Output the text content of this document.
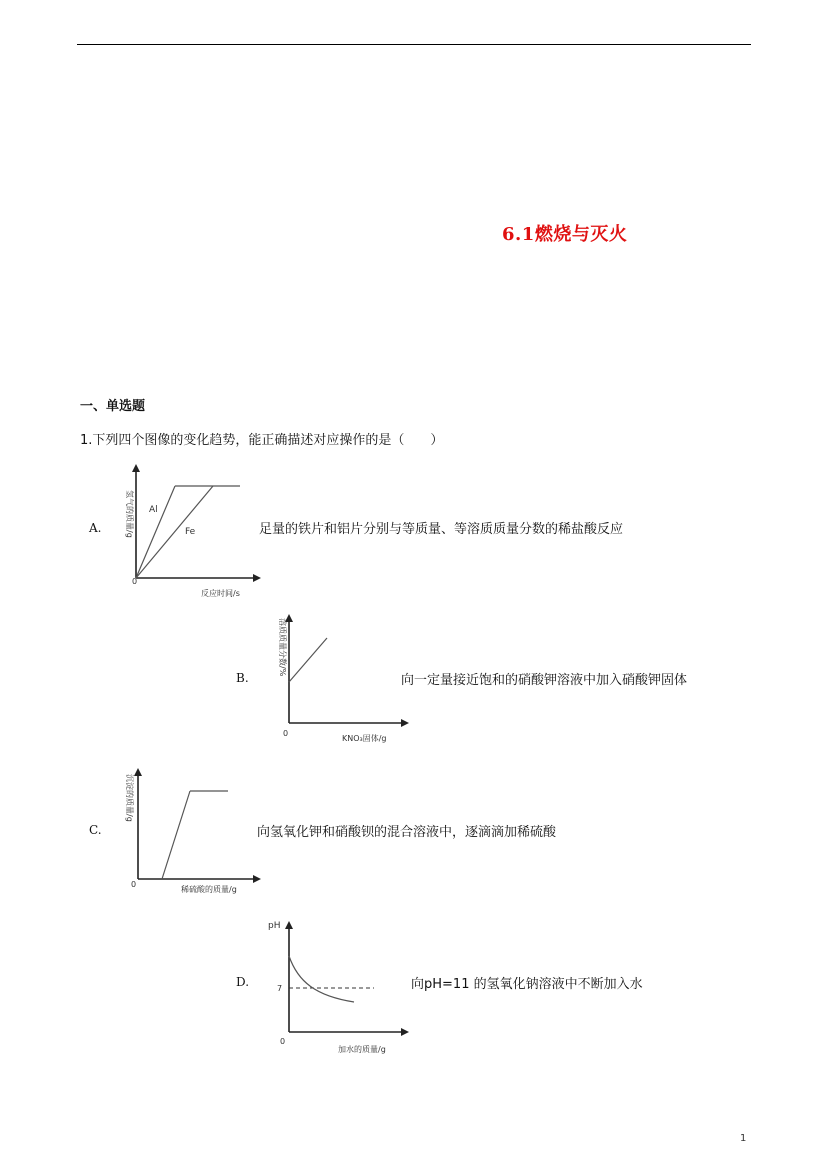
6.1燃烧与灭火
一、单选题
1.下列四个图像的变化趋势，能正确描述对应操作的是（　　）
A.
Al
Fe
0
反应时间/s
氢气的质量/g	足量的铁片和铝片分别与等质量、等溶质质量分数的稀盐酸反应
B.
0
KNO₃固体/g
溶质质量分数/%
向一定量接近饱和的硝酸钾溶液中加入硝酸钾固体
C.
0
稀硫酸的质量/g
沉淀的质量/g
向氢氧化钾和硝酸钡的混合溶液中，逐滴滴加稀硫酸
D.
pH
7
0
加水的质量/g
向pH=11 的氢氧化钠溶液中不断加入水
1
